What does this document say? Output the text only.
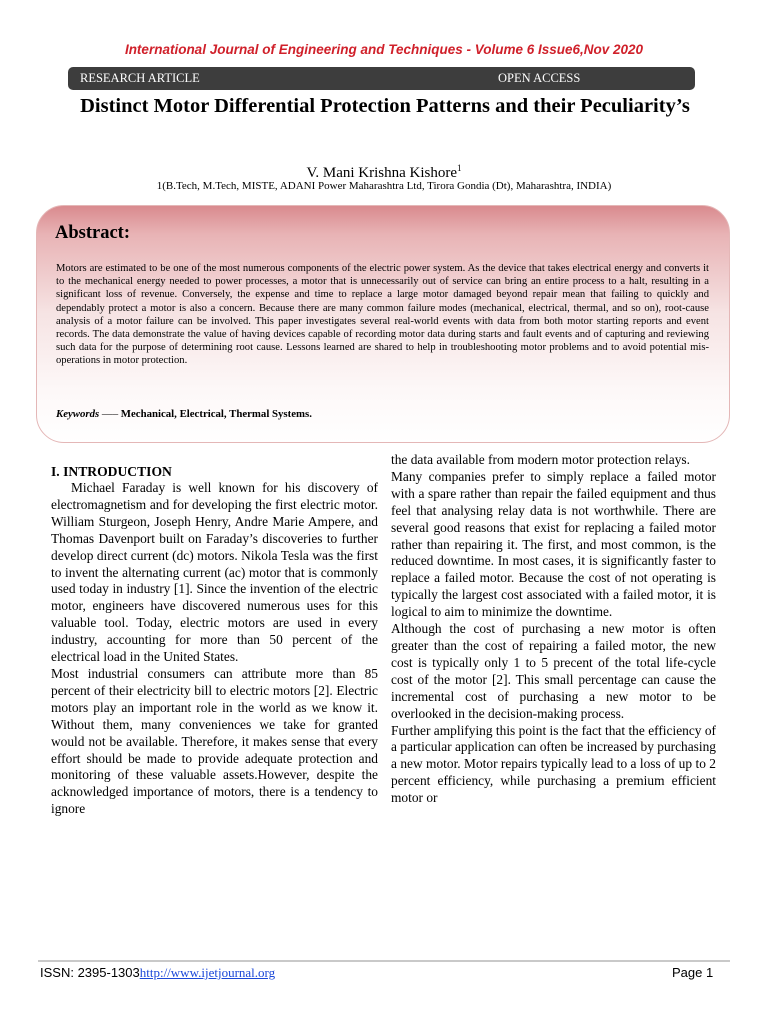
International Journal of Engineering and Techniques - Volume 6 Issue6,Nov 2020
RESEARCH ARTICLE	OPEN ACCESS
Distinct Motor Differential Protection Patterns and their Peculiarity’s
V. Mani Krishna Kishore$^1$
1(B.Tech, M.Tech, MISTE, ADANI Power Maharashtra Ltd, Tirora Gondia (Dt), Maharashtra, INDIA)
Abstract:
Motors are estimated to be one of the most numerous components of the electric power system. As the device that takes electrical energy and converts it to the mechanical energy needed to power processes, a motor that is unnecessarily out of service can bring an entire process to a halt, resulting in a significant loss of revenue. Conversely, the expense and time to replace a large motor damaged beyond repair mean that failing to quickly and dependably protect a motor is also a concern. Because there are many common failure modes (mechanical, electrical, thermal, and so on), root-cause analysis of a motor failure can be involved. This paper investigates several real-world events with data from both motor starting reports and event records. The data demonstrate the value of having devices capable of recording motor data during starts and fault events and of capturing and reviewing such data for the purpose of determining root cause. Lessons learned are shared to help in troubleshooting motor problems and to avoid potential mis-operations in motor protection.
Keywords —– Mechanical, Electrical, Thermal Systems.

I. INTRODUCTION

Michael Faraday is well known for his discovery of electromagnetism and for developing the first electric motor. William Sturgeon, Joseph Henry, Andre Marie Ampere, and Thomas Davenport built on Faraday’s discoveries to further develop direct current (dc) motors. Nikola Tesla was the first to invent the alternating current (ac) motor that is commonly used today in industry [1]. Since the invention of the electric motor, engineers have discovered numerous uses for this valuable tool. Today, electric motors are used in every industry, accounting for more than 50 percent of the electrical load in the United States.

Most industrial consumers can attribute more than 85 percent of their electricity bill to electric motors [2]. Electric motors play an important role in the world as we know it. Without them, many conveniences we take for granted would not be available. Therefore, it makes sense that every effort should be made to provide adequate protection and monitoring of these valuable assets.However, despite the acknowledged importance of motors, there is a tendency to ignore

the data available from modern motor protection relays.

Many companies prefer to simply replace a failed motor with a spare rather than repair the failed equipment and thus feel that analysing relay data is not worthwhile. There are several good reasons that exist for replacing a failed motor rather than repairing it. The first, and most common, is the reduced downtime. In most cases, it is significantly faster to replace a failed motor. Because the cost of not operating is typically the largest cost associated with a failed motor, it is logical to aim to minimize the downtime.

Although the cost of purchasing a new motor is often greater than the cost of repairing a failed motor, the new cost is typically only 1 to 5 precent of the total life-cycle cost of the motor [2]. This small percentage can cause the incremental cost of purchasing a new motor to be overlooked in the decision-making process.

Further amplifying this point is the fact that the efficiency of a particular application can often be increased by purchasing a new motor. Motor repairs typically lead to a loss of up to 2 percent efficiency, while purchasing a premium efficient motor or

ISSN: 2395-1303http://www.ijetjournal.org	Page 1
